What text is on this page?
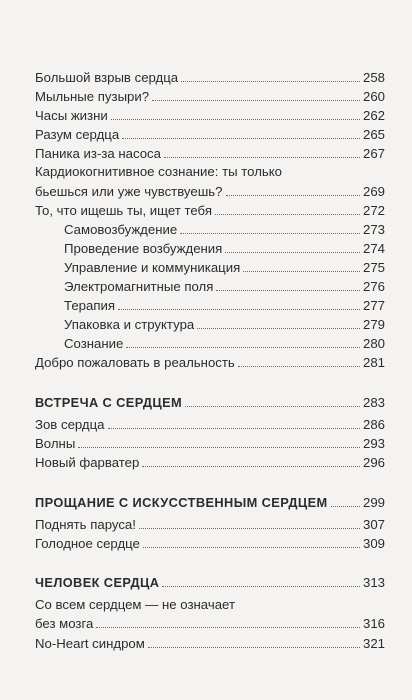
Большой взрыв сердца	258
Мыльные пузыри?	260
Часы жизни	262
Разум сердца	265
Паника из-за насоса	267
Кардиокогнитивное сознание: ты только
бьешься или уже чувствуешь?	269
То, что ищешь ты, ищет тебя	272
Самовозбуждение	273
Проведение возбуждения	274
Управление и коммуникация	275
Электромагнитные поля	276
Терапия	277
Упаковка и структура	279
Сознание	280
Добро пожаловать в реальность	281
ВСТРЕЧА С СЕРДЦЕМ	283
Зов сердца	286
Волны	293
Новый фарватер	296
ПРОЩАНИЕ С ИСКУССТВЕННЫМ СЕРДЦЕМ	299
Поднять паруса!	307
Голодное сердце	309
ЧЕЛОВЕК СЕРДЦА	313
Со всем сердцем — не означает
без мозга	316
No-Heart синдром	321
